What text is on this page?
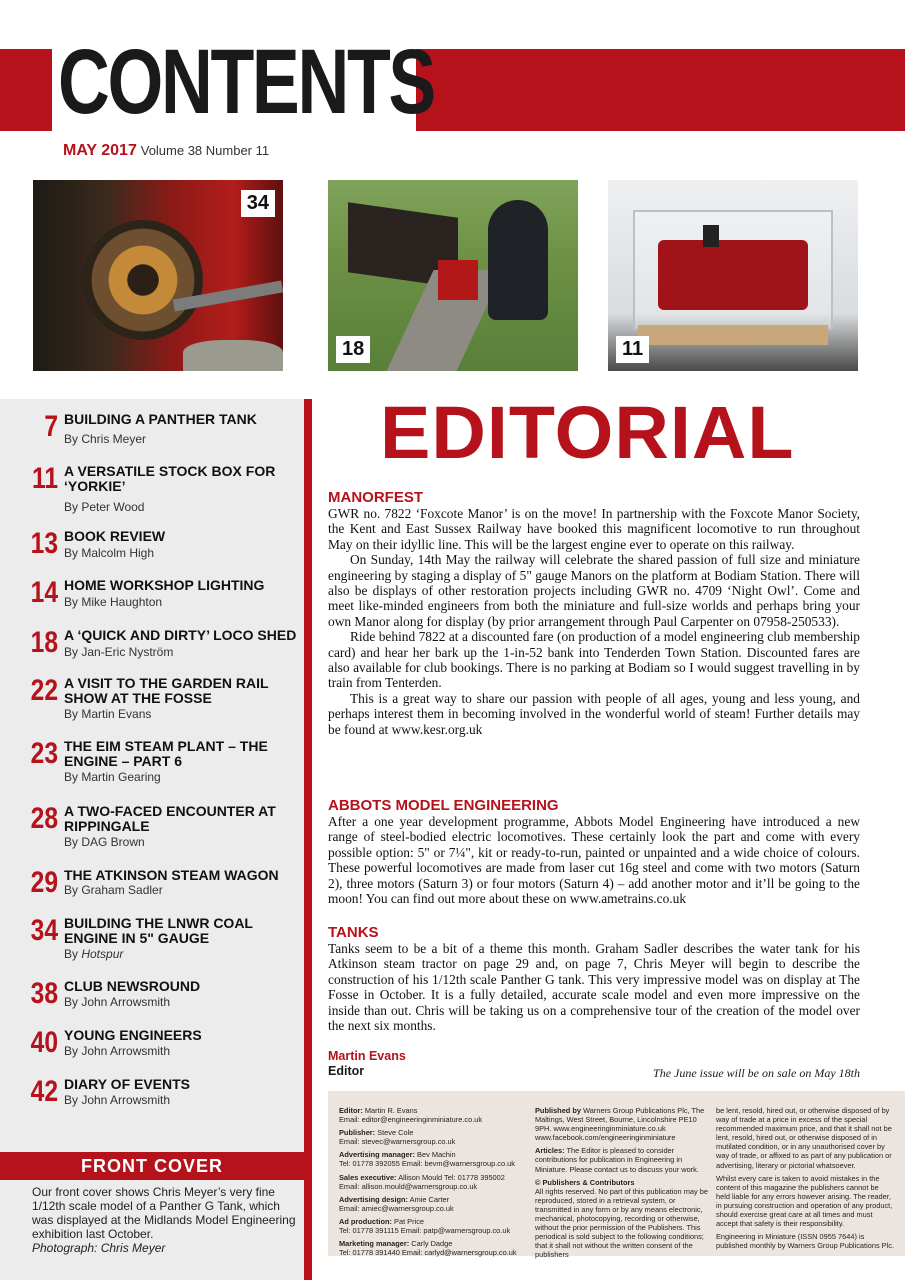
CONTENTS
MAY 2017 Volume 38 Number 11
34
18	11
7 BUILDING A PANTHER TANK
By Chris Meyer
11 A VERSATILE STOCK BOX FOR ‘YORKIE’
By Peter Wood
13 BOOK REVIEW
By Malcolm High
14 HOME WORKSHOP LIGHTING
By Mike Haughton
18 A ‘QUICK AND DIRTY’ LOCO SHED
By Jan-Eric Nyström
22 A VISIT TO THE GARDEN RAIL SHOW AT THE FOSSE
By Martin Evans
23 THE EIM STEAM PLANT – THE ENGINE – PART 6
By Martin Gearing
28 A TWO-FACED ENCOUNTER AT RIPPINGALE
By DAG Brown
29 THE ATKINSON STEAM WAGON
By Graham Sadler
34 BUILDING THE LNWR COAL ENGINE IN 5" GAUGE
By Hotspur
38 CLUB NEWSROUND
By John Arrowsmith
40 YOUNG ENGINEERS
By John Arrowsmith
42 DIARY OF EVENTS
By John Arrowsmith
FRONT COVER
Our front cover shows Chris Meyer’s very fine 1/12th scale model of a Panther G Tank, which was displayed at the Midlands Model Engineering exhibition last October.
Photograph: Chris Meyer
EDITORIAL
MANORFEST

GWR no. 7822 ‘Foxcote Manor’ is on the move! In partnership with the Foxcote Manor Society, the Kent and East Sussex Railway have booked this magnificent locomotive to run throughout May on their idyllic line. This will be the largest engine ever to operate on this railway.

On Sunday, 14th May the railway will celebrate the shared passion of full size and miniature engineering by staging a display of 5" gauge Manors on the platform at Bodiam Station. There will also be displays of other restoration projects including GWR no. 4709 ‘Night Owl’. Come and meet like-minded engineers from both the miniature and full-size worlds and perhaps bring your own Manor along for display (by prior arrangement through Paul Carpenter on 07958-250533).

Ride behind 7822 at a discounted fare (on production of a model engineering club membership card) and hear her bark up the 1-in-52 bank into Tenderden Town Station. Discounted fares are also available for club bookings. There is no parking at Bodiam so I would suggest travelling in by train from Tenterden.

This is a great way to share our passion with people of all ages, young and less young, and perhaps interest them in becoming involved in the wonderful world of steam! Further details may be found at www.kesr.org.uk

ABBOTS MODEL ENGINEERING

After a one year development programme, Abbots Model Engineering have introduced a new range of steel-bodied electric locomotives. These certainly look the part and come with every possible option: 5" or 7¼", kit or ready-to-run, painted or unpainted and a wide choice of colours. These powerful locomotives are made from laser cut 16g steel and come with two motors (Saturn 2), three motors (Saturn 3) or four motors (Saturn 4) – add another motor and it’ll be going to the moon! You can find out more about these on www.ametrains.co.uk

TANKS

Tanks seem to be a bit of a theme this month. Graham Sadler describes the water tank for his Atkinson steam tractor on page 29 and, on page 7, Chris Meyer will begin to describe the construction of his 1/12th scale Panther G tank. This very impressive model was on display at The Fosse in October. It is a fully detailed, accurate scale model and even more impressive on the inside than out. Chris will be taking us on a comprehensive tour of the creation of the model over the next six months.

Martin Evans
Editor	The June issue will be on sale on May 18th
Editor: Martin R. Evans
Email: editor@engineeringinminiature.co.uk
Publisher: Steve Cole
Email: stevec@warnersgroup.co.uk
Advertising manager: Bev Machin
Tel: 01778 392055 Email: bevm@warnersgroup.co.uk
Sales executive: Allison Mould Tel: 01778 395002
Email: allison.mould@warnersgroup.co.uk
Advertising design: Amie Carter
Email: amiec@warnersgroup.co.uk
Ad production: Pat Price
Tel: 01778 391115 Email: patp@warnersgroup.co.uk
Marketing manager: Carly Dadge
Tel: 01778 391440 Email: carlyd@warnersgroup.co.uk
Published by Warners Group Publications Plc, The Maltings, West Street, Bourne, Lincolnshire PE10 9PH. www.engineeringinminiature.co.uk www.facebook.com/engineeringinminiature
Articles: The Editor is pleased to consider contributions for publication in Engineering in Miniature. Please contact us to discuss your work.
© Publishers & Contributors
All rights reserved. No part of this publication may be reproduced, stored in a retrieval system, or transmitted in any form or by any means electronic, mechanical, photocopying, recording or otherwise, without the prior permission of the Publishers. This periodical is sold subject to the following conditions; that it shall not without the written consent of the publishers
be lent, resold, hired out, or otherwise disposed of by way of trade at a price in excess of the special recommended maximum price, and that it shall not be lent, resold, hired out, or otherwise disposed of in mutilated condition, or in any unauthorised cover by way of trade, or affixed to as part of any publication or advertising, literary or pictorial whatsoever.
Whilst every care is taken to avoid mistakes in the content of this magazine the publishers cannot be held liable for any errors however arising. The reader, in pursuing construction and operation of any product, should exercise great care at all times and must accept that safety is their responsibility.
Engineering in Miniature (ISSN 0955 7644) is published monthly by Warners Group Publications Plc.
